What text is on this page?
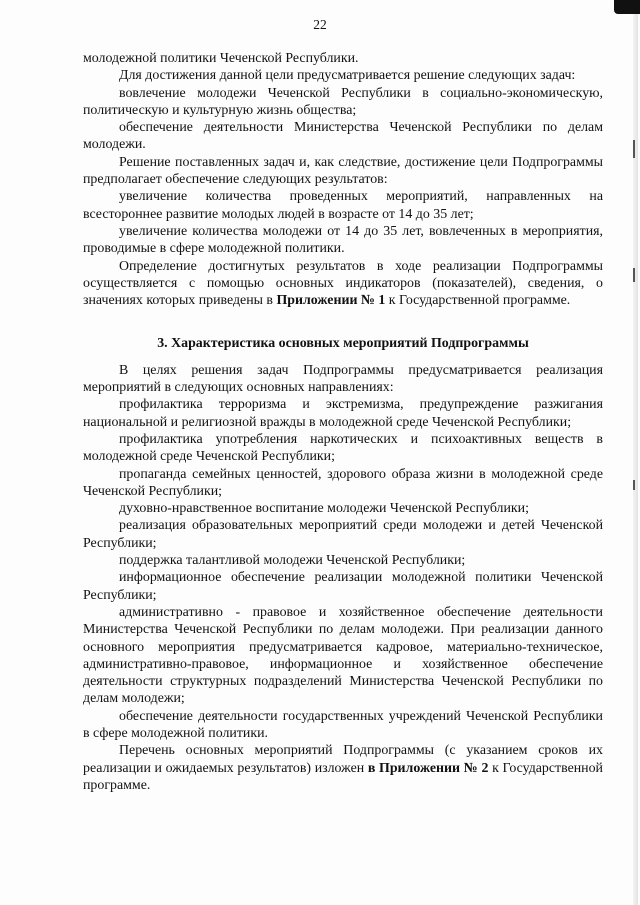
22

молодежной политики Чеченской Республики.

Для достижения данной цели предусматривается решение следующих задач:

вовлечение молодежи Чеченской Республики в социально-экономическую, политическую и культурную жизнь общества;

обеспечение деятельности Министерства Чеченской Республики по делам молодежи.

Решение поставленных задач и, как следствие, достижение цели Подпрограммы предполагает обеспечение следующих результатов:

увеличение количества проведенных мероприятий, направленных на всестороннее развитие молодых людей в возрасте от 14 до 35 лет;

увеличение количества молодежи от 14 до 35 лет, вовлеченных в мероприятия, проводимые в сфере молодежной политики.

Определение достигнутых результатов в ходе реализации Подпрограммы осуществляется с помощью основных индикаторов (показателей), сведения, о значениях которых приведены в Приложении № 1 к Государственной программе.

3. Характеристика основных мероприятий Подпрограммы

В целях решения задач Подпрограммы предусматривается реализация мероприятий в следующих основных направлениях:

профилактика терроризма и экстремизма, предупреждение разжигания национальной и религиозной вражды в молодежной среде Чеченской Республики;

профилактика употребления наркотических и психоактивных веществ в молодежной среде Чеченской Республики;

пропаганда семейных ценностей, здорового образа жизни в молодежной среде Чеченской Республики;

духовно-нравственное воспитание молодежи Чеченской Республики;

реализация образовательных мероприятий среди молодежи и детей Чеченской Республики;

поддержка талантливой молодежи Чеченской Республики;

информационное обеспечение реализации молодежной политики Чеченской Республики;

административно - правовое и хозяйственное обеспечение деятельности Министерства Чеченской Республики по делам молодежи. При реализации данного основного мероприятия предусматривается кадровое, материально-техническое, административно-правовое, информационное и хозяйственное обеспечение деятельности структурных подразделений Министерства Чеченской Республики по делам молодежи;

обеспечение деятельности государственных учреждений Чеченской Республики в сфере молодежной политики.

Перечень основных мероприятий Подпрограммы (с указанием сроков их реализации и ожидаемых результатов) изложен в Приложении № 2 к Государственной программе.
